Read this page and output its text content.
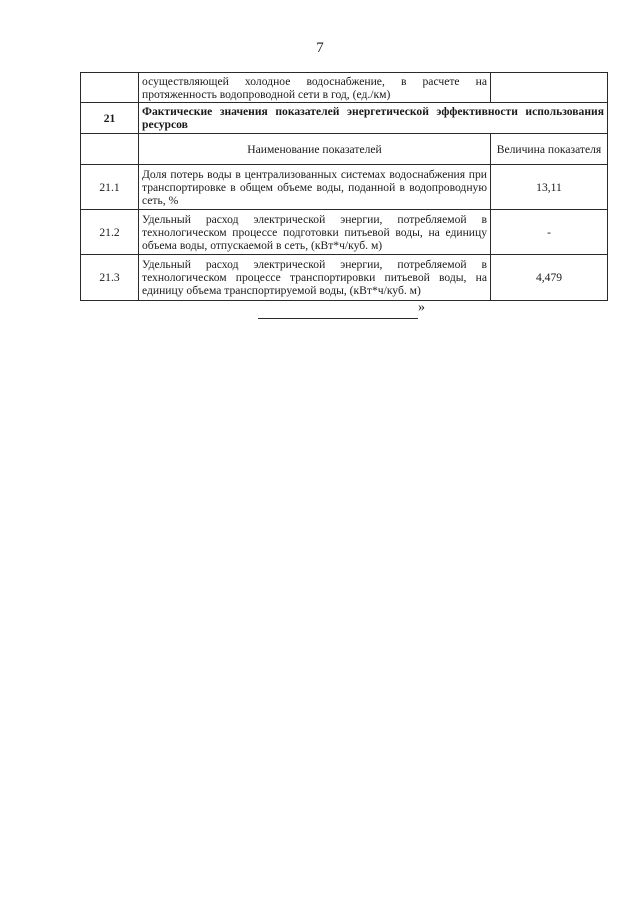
7
	осуществляющей холодное водоснабжение, в расчете на протяженность водопроводной сети в год, (ед./км)	
21	Фактические значения показателей энергетической эффективности использования ресурсов	
	Наименование показателей	Величина показателя
21.1	Доля потерь воды в централизованных системах водоснабжения при транспортировке в общем объеме воды, поданной в водопроводную сеть, %	13,11
21.2	Удельный расход электрической энергии, потребляемой в технологическом процессе подготовки питьевой воды, на единицу объема воды, отпускаемой в сеть, (кВт*ч/куб. м)	-
21.3	Удельный расход электрической энергии, потребляемой в технологическом процессе транспортировки питьевой воды, на единицу объема транспортируемой воды, (кВт*ч/куб. м)	4,479
»
